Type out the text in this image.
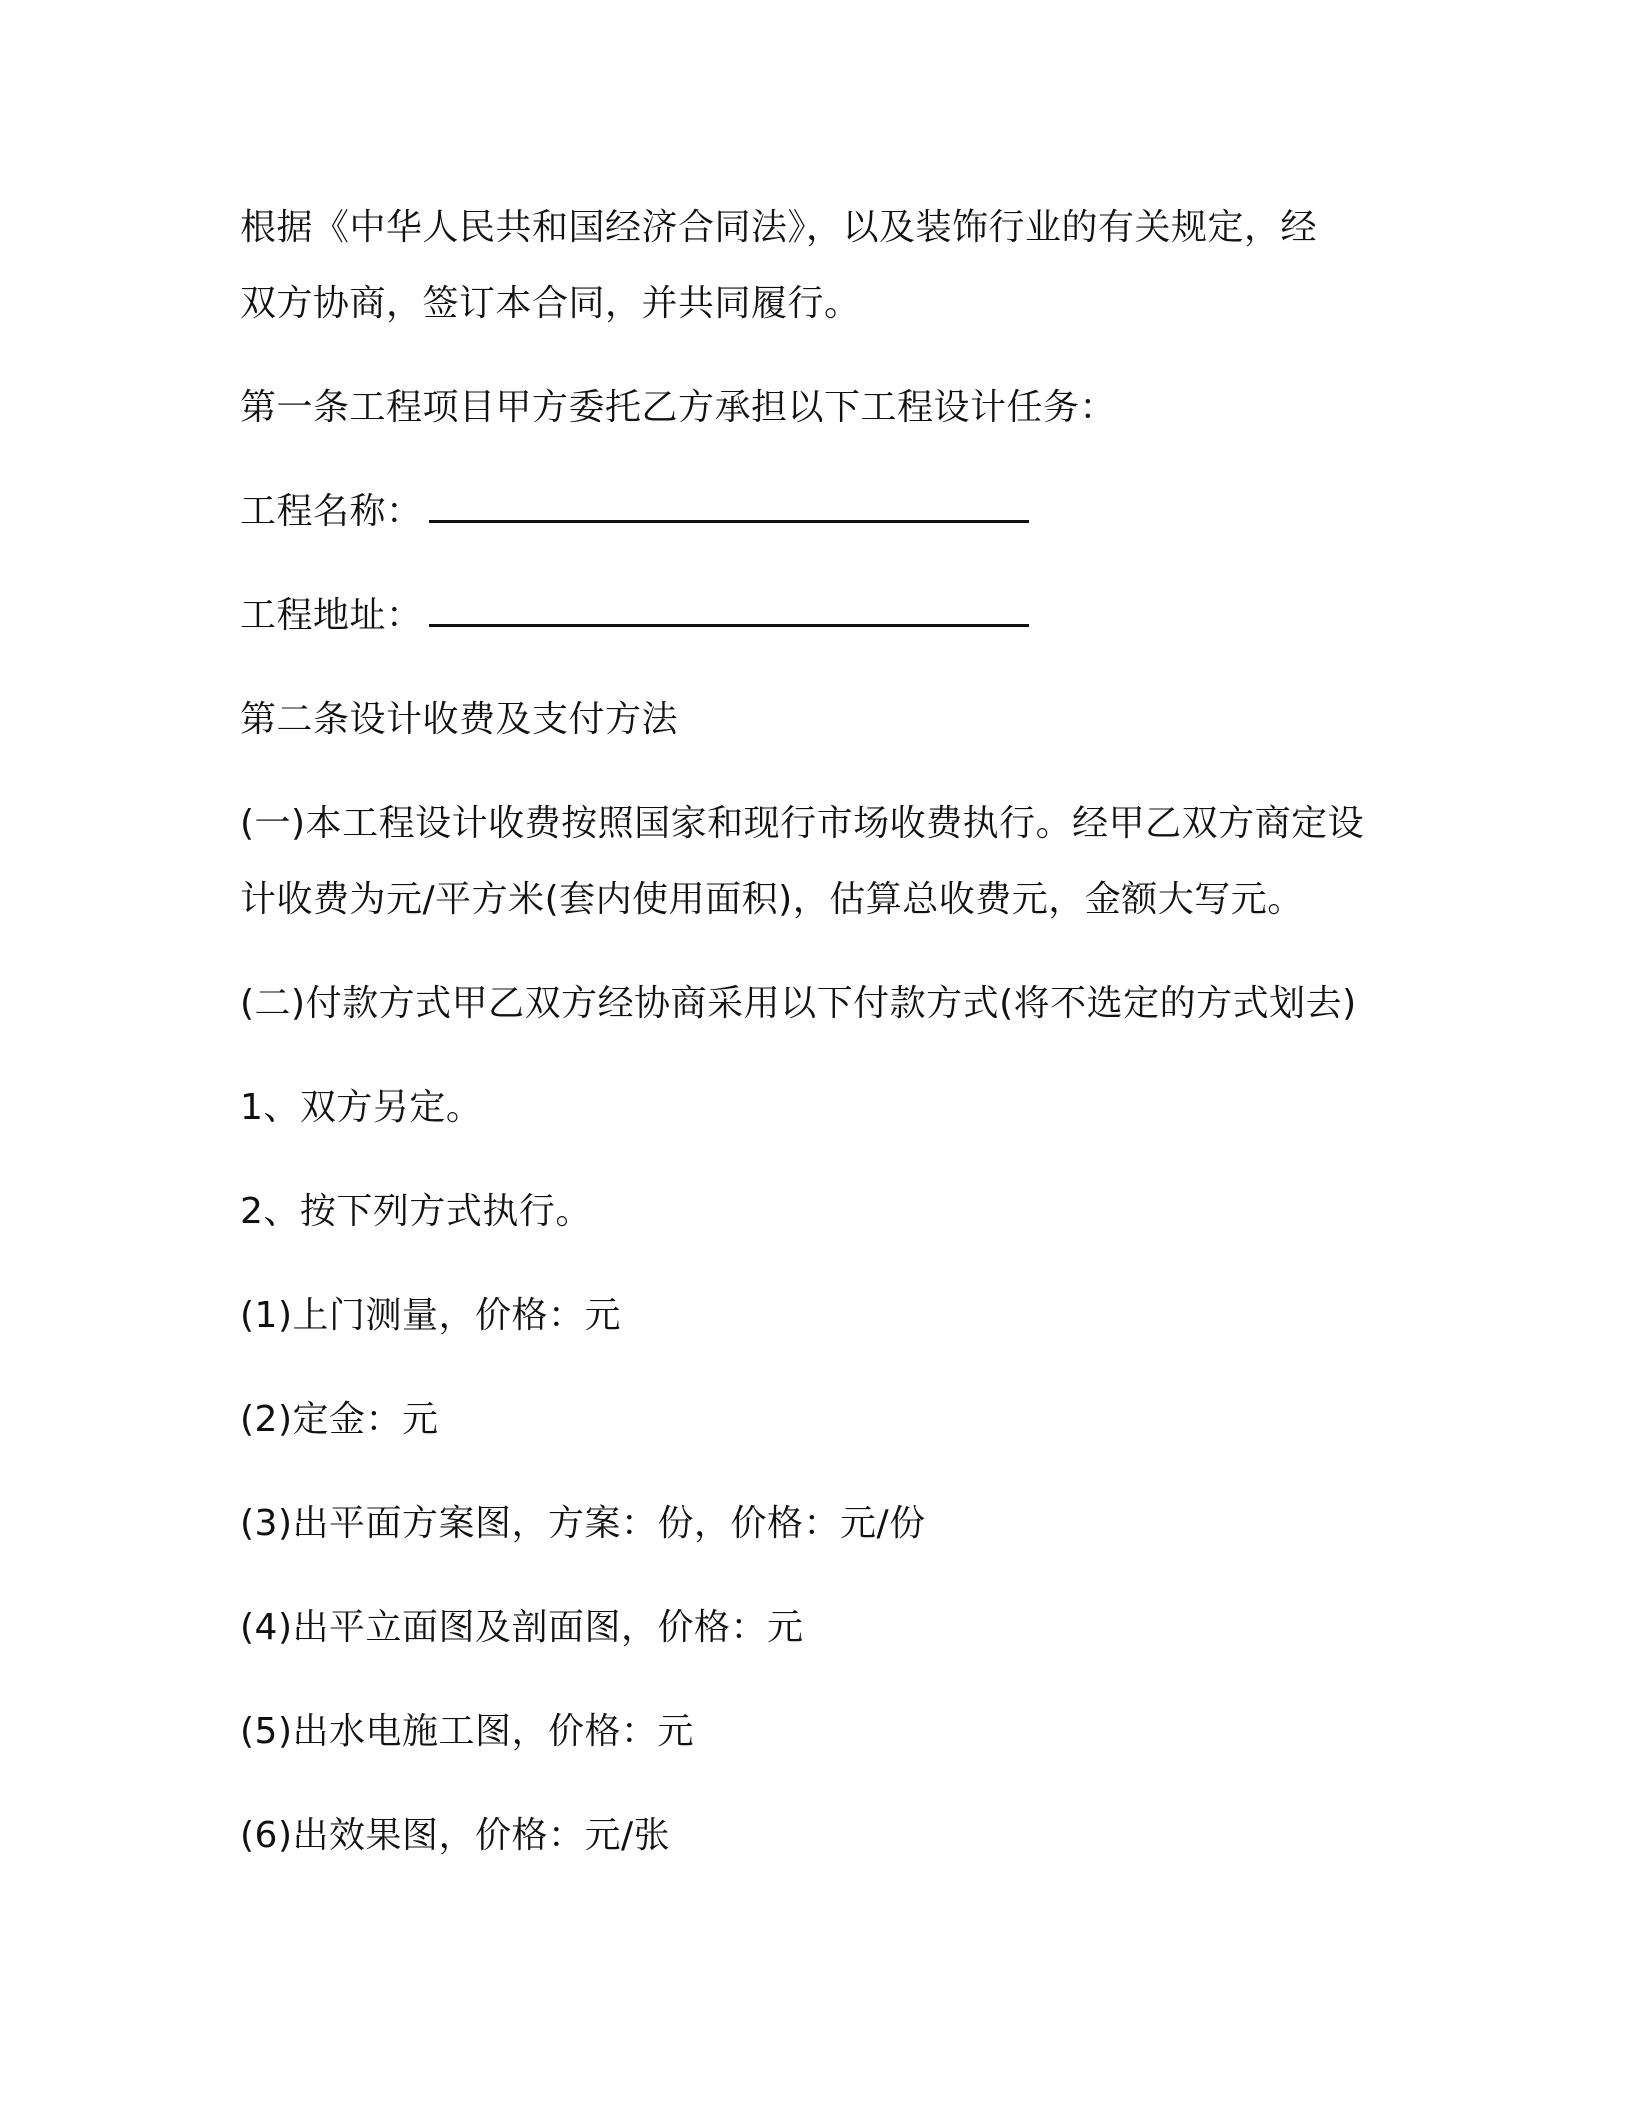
根据《中华人民共和国经济合同法》，以及装饰行业的有关规定，经
双方协商，签订本合同，并共同履行。

第一条工程项目甲方委托乙方承担以下工程设计任务：

工程名称：

工程地址：

第二条设计收费及支付方法

(一)本工程设计收费按照国家和现行市场收费执行。经甲乙双方商定设
计收费为元/平方米(套内使用面积)，估算总收费元，金额大写元。

(二)付款方式甲乙双方经协商采用以下付款方式(将不选定的方式划去)

1、双方另定。

2、按下列方式执行。

(1)上门测量，价格：元

(2)定金：元

(3)出平面方案图，方案：份，价格：元/份

(4)出平立面图及剖面图，价格：元

(5)出水电施工图，价格：元

(6)出效果图，价格：元/张
